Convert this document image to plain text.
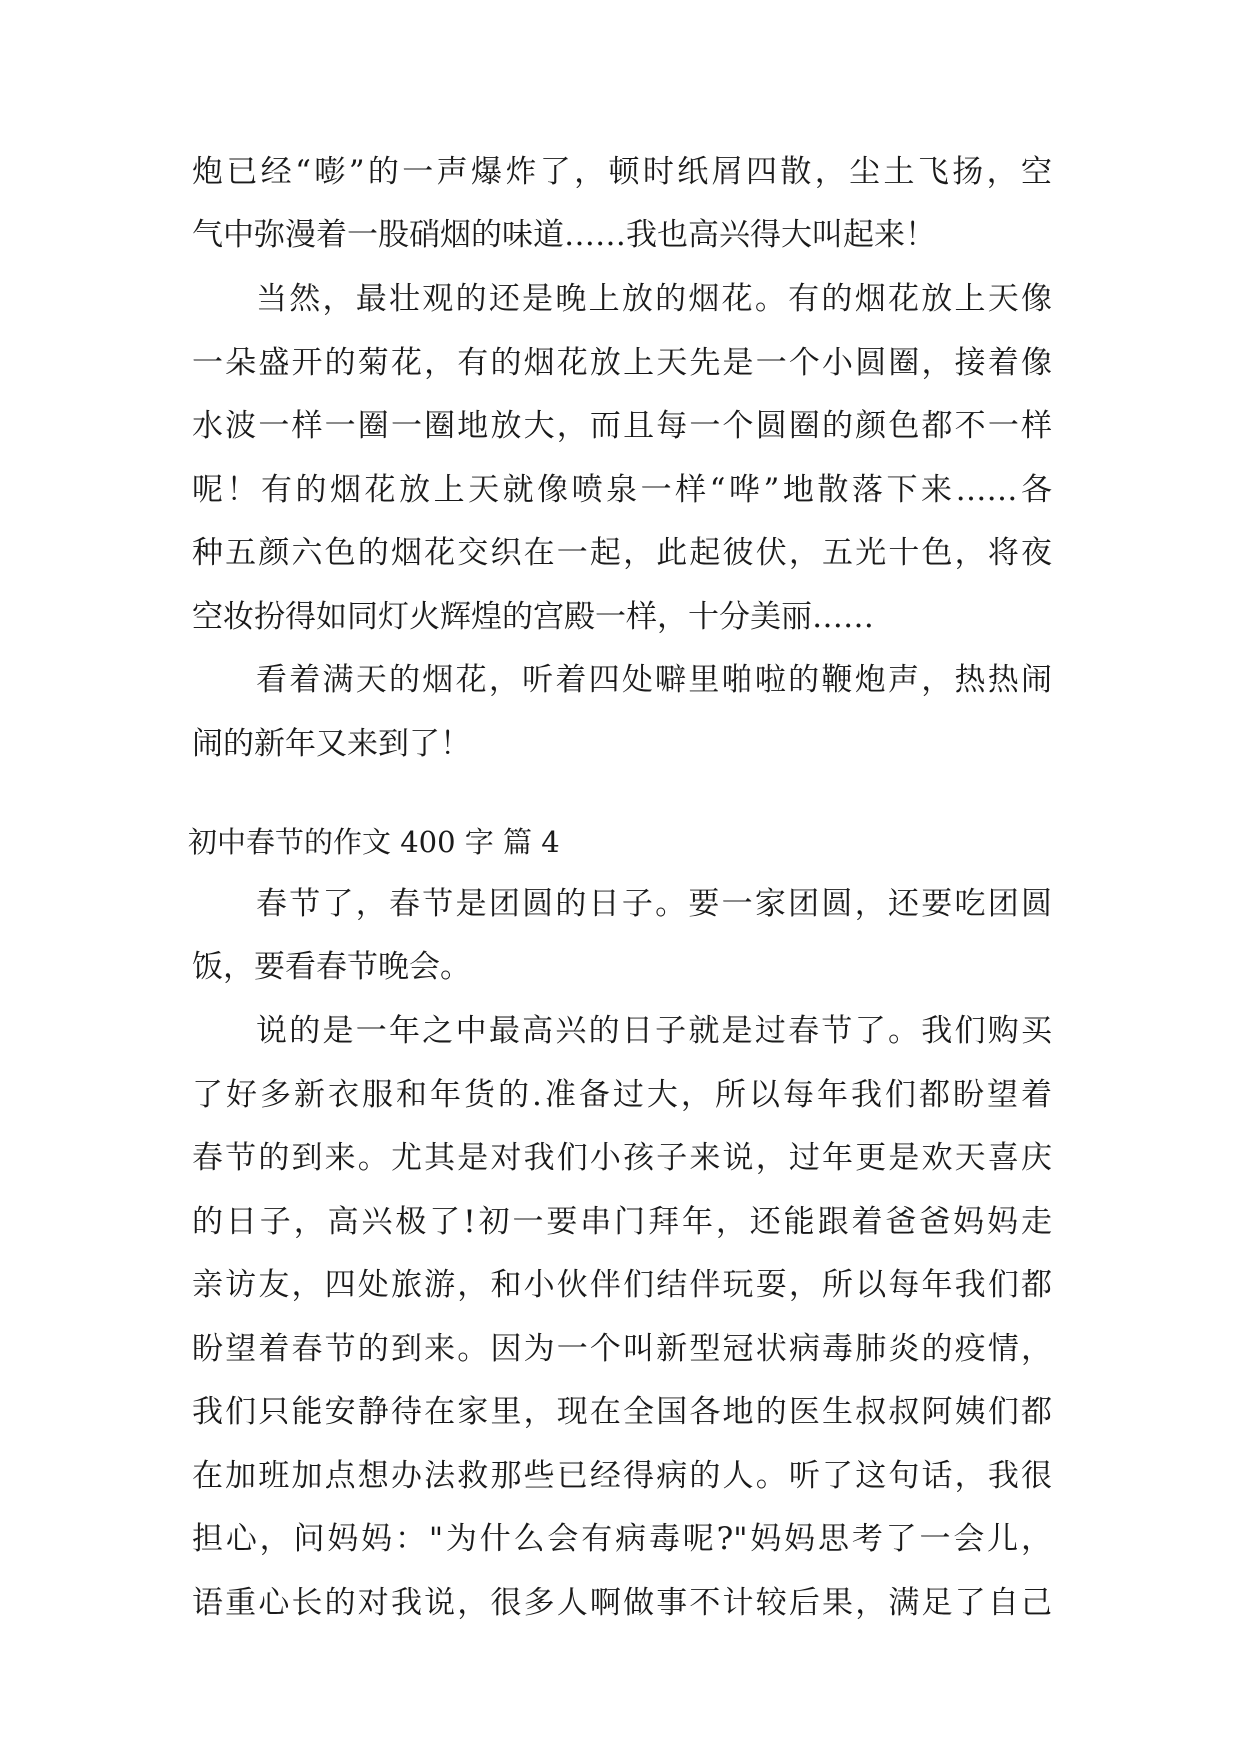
炮已经“嘭”的一声爆炸了，顿时纸屑四散，尘土飞扬，空
气中弥漫着一股硝烟的味道……我也高兴得大叫起来！
当然，最壮观的还是晚上放的烟花。有的烟花放上天像
一朵盛开的菊花，有的烟花放上天先是一个小圆圈，接着像
水波一样一圈一圈地放大，而且每一个圆圈的颜色都不一样
呢！有的烟花放上天就像喷泉一样“哗”地散落下来……各
种五颜六色的烟花交织在一起，此起彼伏，五光十色，将夜
空妆扮得如同灯火辉煌的宫殿一样，十分美丽……
看着满天的烟花，听着四处噼里啪啦的鞭炮声，热热闹
闹的新年又来到了！
初中春节的作文 400 字 篇 4
春节了，春节是团圆的日子。要一家团圆，还要吃团圆
饭，要看春节晚会。
说的是一年之中最高兴的日子就是过春节了。我们购买
了好多新衣服和年货的.准备过大，所以每年我们都盼望着
春节的到来。尤其是对我们小孩子来说，过年更是欢天喜庆
的日子，高兴极了!初一要串门拜年，还能跟着爸爸妈妈走
亲访友，四处旅游，和小伙伴们结伴玩耍，所以每年我们都
盼望着春节的到来。因为一个叫新型冠状病毒肺炎的疫情，
我们只能安静待在家里，现在全国各地的医生叔叔阿姨们都
在加班加点想办法救那些已经得病的人。听了这句话，我很
担心，问妈妈："为什么会有病毒呢?"妈妈思考了一会儿，
语重心长的对我说，很多人啊做事不计较后果，满足了自己
